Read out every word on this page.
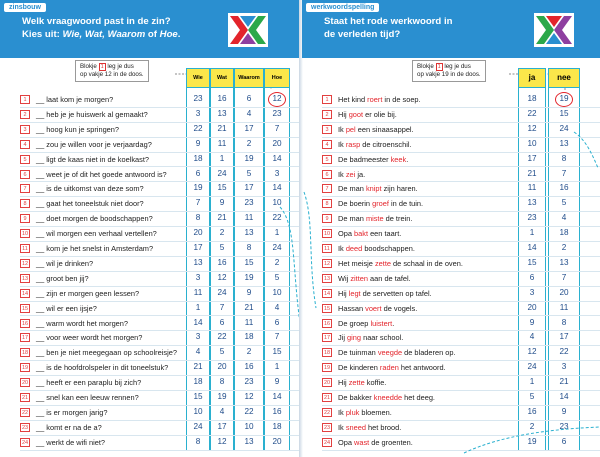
zinsbouw
Welk vraagwoord past in de zin?
Kies uit: Wie, Wat, Waarom of Hoe.
Blokje 1 leg je dus
op vakje 12 in de doos.	Wie	Wat	Waarom	Hoe
1	__ laat kom je morgen?	23	16	6	12
2	__ heb je je huiswerk al gemaakt?	3	13	4	23
3	__ hoog kun je springen?	22	21	17	7
4	__ zou je willen voor je verjaardag?	9	11	2	20
5	__ ligt de kaas niet in de koelkast?	18	1	19	14
6	__ weet je of dit het goede antwoord is?	6	24	5	3
7	__ is de uitkomst van deze som?	19	15	17	14
8	__ gaat het toneelstuk niet door?	7	9	23	10
9	__ doet morgen de boodschappen?	8	21	11	22
10 __ wil morgen een verhaal vertellen?	20	2	13	1
11 __ kom je het snelst in Amsterdam?	17	5	8	24
12 __ wil je drinken?	13	16	15	2
13 __ groot ben jij?	3	12	19	5
14 __ zijn er morgen geen lessen?	11	24	9	10
15 __ wil er een ijsje?	1	7	21	4
16 __ warm wordt het morgen?	14	6	11	6
17 __ voor weer wordt het morgen?	3	22	18	7
18 __ ben je niet meegegaan op schoolreisje?	4	5	2	15
19 __ is de hoofdrolspeler in dit toneelstuk?	21	20	16	1
20 __ heeft er een paraplu bij zich?	18	8	23	9
21 __ snel kan een leeuw rennen?	15	19	12	14
22 __ is er morgen jarig?	10	4	22	16
23 __ komt er na de a?	24	17	10	18
24 __ werkt de wifi niet?	8	12	13	20
werkwoordspelling
Staat het rode werkwoord in
de verleden tijd?
Blokje 1 leg je dus
op vakje 19 in de doos.	ja	nee
1	Het kind roert in de soep.	18	19
2	Hij goot er olie bij.	22	15
3	Ik pel een sinaasappel.	12	24
4	Ik rasp de citroenschil.	10	13
5	De badmeester keek.	17	8
6	Ik zei ja.	21	7
7	De man knipt zijn haren.	11	16
8	De boerin groef in de tuin.	13	5
9	De man miste de trein.	23	4
10 Opa bakt een taart.	1	18
11 Ik deed boodschappen.	14	2
12 Het meisje zette de schaal in de oven.	15	13
13 Wij zitten aan de tafel.	6	7
14 Hij legt de servetten op tafel.	3	20
15 Hassan voert de vogels.	20	11
16 De groep luistert.	9	8
17 Jij ging naar school.	4	17
18 De tuinman veegde de bladeren op.	12	22
19 De kinderen raden het antwoord.	24	3
20 Hij zette koffie.	1	21
21 De bakker kneedde het deeg.	5	14
22 Ik pluk bloemen.	16	9
23 Ik sneed het brood.	2	23
24 Opa wast de groenten.	19	6
